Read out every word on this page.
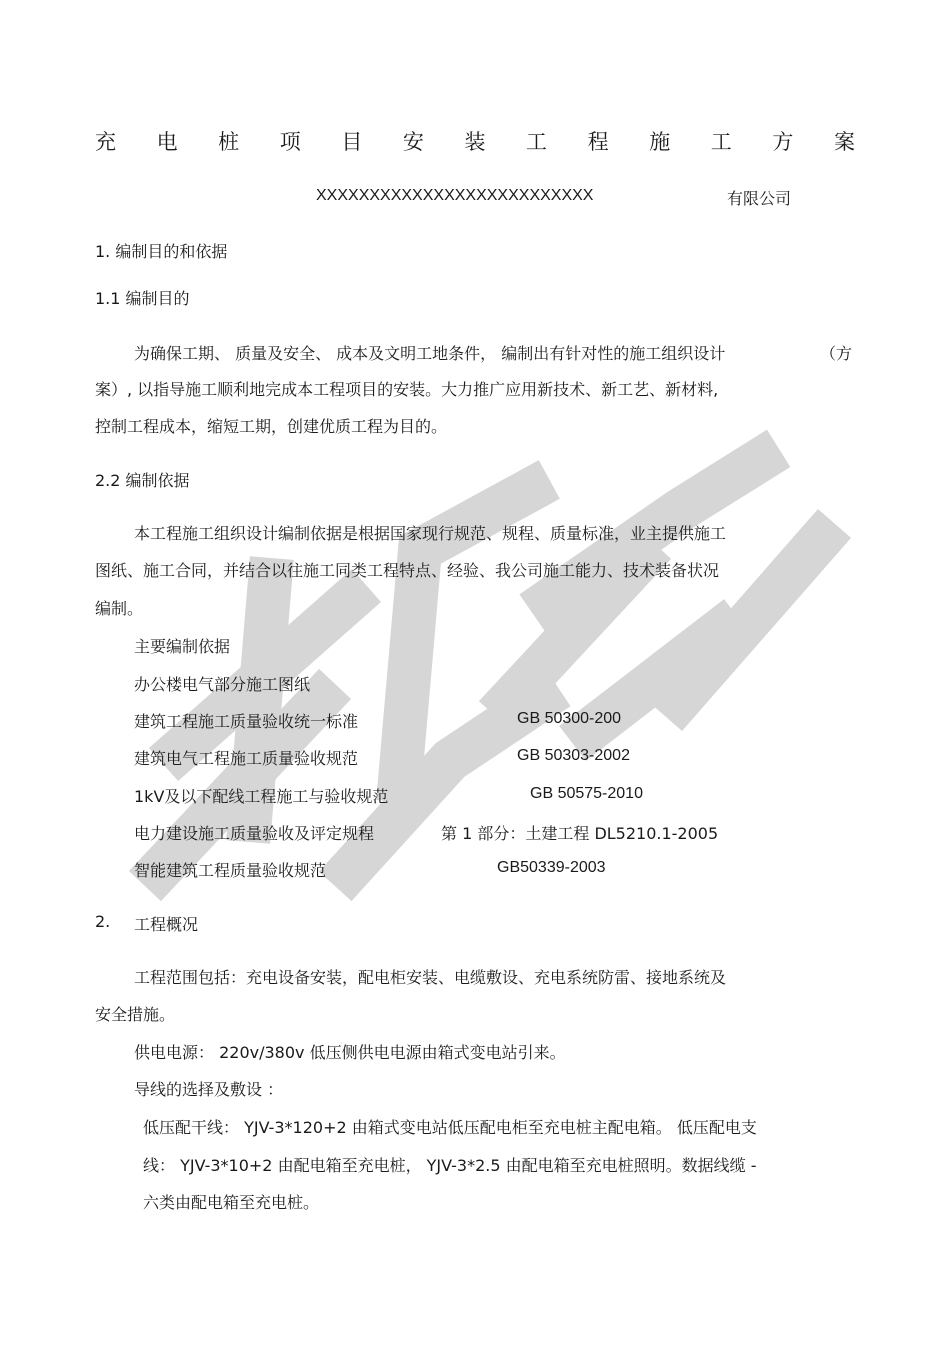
充 电 桩 项 目 安 装 工 程 施 工 方 案
XXXXXXXXXXXXXXXXXXXXXXXXXX	有限公司
1. 编制目的和依据
1.1 编制目的
为确保工期、 质量及安全、 成本及文明工地条件， 编制出有针对性的施工组织设计	（方
案）, 以指导施工顺利地完成本工程项目的安装。大力推广应用新技术、新工艺、新材料,
控制工程成本，缩短工期，创建优质工程为目的。
2.2 编制依据
本工程施工组织设计编制依据是根据国家现行规范、规程、质量标准，业主提供施工
图纸、施工合同，并结合以往施工同类工程特点、经验、我公司施工能力、技术装备状况
编制。
主要编制依据
办公楼电气部分施工图纸
建筑工程施工质量验收统一标准	GB 50300-200
建筑电气工程施工质量验收规范	GB 50303-2002
1kV及以下配线工程施工与验收规范	GB 50575-2010
电力建设施工质量验收及评定规程	第 1 部分：土建工程 DL5210.1-2005
智能建筑工程质量验收规范	GB50339-2003
2. 工程概况
工程范围包括：充电设备安装，配电柜安装、电缆敷设、充电系统防雷、接地系统及
安全措施。
供电电源： 220v/380v 低压侧供电电源由箱式变电站引来。
导线的选择及敷设 ：
低压配干线： YJV-3*120+2 由箱式变电站低压配电柜至充电桩主配电箱。 低压配电支
线： YJV-3*10+2 由配电箱至充电桩， YJV-3*2.5 由配电箱至充电桩照明。数据线缆 -
六类由配电箱至充电桩。
